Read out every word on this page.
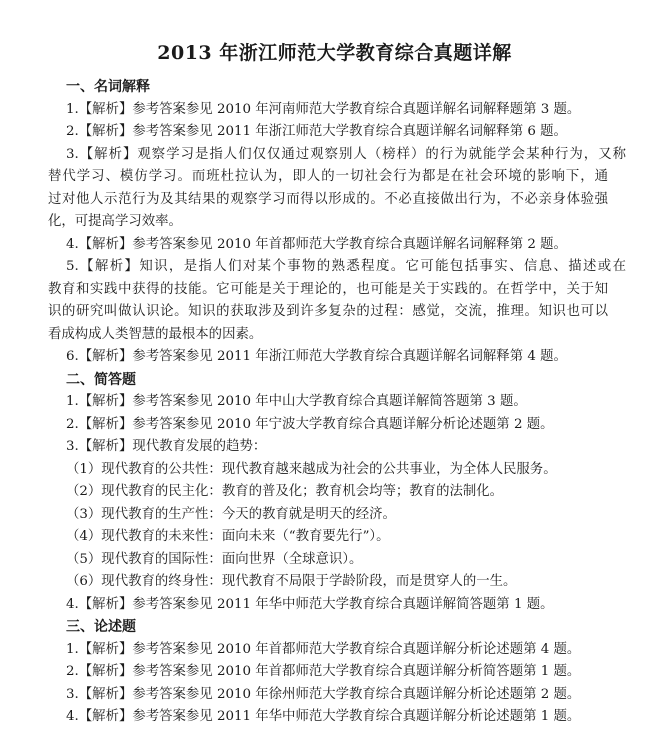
2013 年浙江师范大学教育综合真题详解
一、名词解释
1.【解析】参考答案参见 2010 年河南师范大学教育综合真题详解名词解释题第 3 题。
2.【解析】参考答案参见 2011 年浙江师范大学教育综合真题详解名词解释第 6 题。
3.【解析】观察学习是指人们仅仅通过观察别人（榜样）的行为就能学会某种行为，又称
替代学习、模仿学习。而班杜拉认为，即人的一切社会行为都是在社会环境的影响下，通
过对他人示范行为及其结果的观察学习而得以形成的。不必直接做出行为，不必亲身体验强
化，可提高学习效率。
4.【解析】参考答案参见 2010 年首都师范大学教育综合真题详解名词解释第 2 题。
5.【解析】知识，是指人们对某个事物的熟悉程度。它可能包括事实、信息、描述或在
教育和实践中获得的技能。它可能是关于理论的，也可能是关于实践的。在哲学中，关于知
识的研究叫做认识论。知识的获取涉及到许多复杂的过程：感觉，交流，推理。知识也可以
看成构成人类智慧的最根本的因素。
6.【解析】参考答案参见 2011 年浙江师范大学教育综合真题详解名词解释第 4 题。
二、简答题
1.【解析】参考答案参见 2010 年中山大学教育综合真题详解简答题第 3 题。
2.【解析】参考答案参见 2010 年宁波大学教育综合真题详解分析论述题第 2 题。
3.【解析】现代教育发展的趋势：
（1）现代教育的公共性：现代教育越来越成为社会的公共事业，为全体人民服务。
（2）现代教育的民主化：教育的普及化；教育机会均等；教育的法制化。
（3）现代教育的生产性：今天的教育就是明天的经济。
（4）现代教育的未来性：面向未来（“教育要先行”）。
（5）现代教育的国际性：面向世界（全球意识）。
（6）现代教育的终身性：现代教育不局限于学龄阶段，而是贯穿人的一生。
4.【解析】参考答案参见 2011 年华中师范大学教育综合真题详解简答题第 1 题。
三、论述题
1.【解析】参考答案参见 2010 年首都师范大学教育综合真题详解分析论述题第 4 题。
2.【解析】参考答案参见 2010 年首都师范大学教育综合真题详解分析简答题第 1 题。
3.【解析】参考答案参见 2010 年徐州师范大学教育综合真题详解分析论述题第 2 题。
4.【解析】参考答案参见 2011 年华中师范大学教育综合真题详解分析论述题第 1 题。
